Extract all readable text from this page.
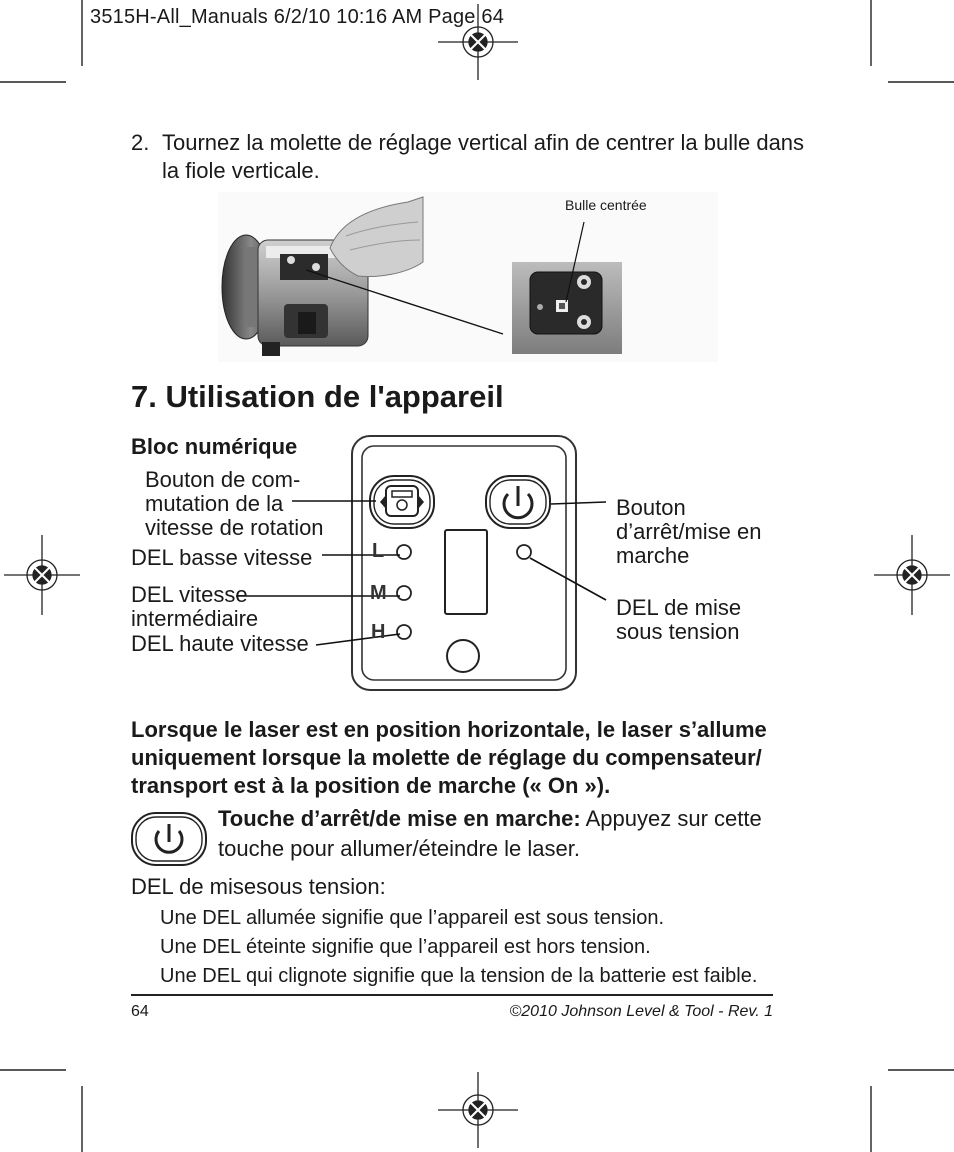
3515H-All_Manuals 6/2/10 10:16 AM Page 64
2. Tournez la molette de réglage vertical afin de centrer la bulle dans
la fiole verticale.
Bulle centrée
7. Utilisation de l'appareil
Bloc numérique
L
M
H
Bouton de com-
mutation de la
vitesse de rotation
DEL basse vitesse
DEL vitesse
intermédiaire
DEL haute vitesse
Bouton
d’arrêt/mise en
marche
DEL de mise
sous tension
Lorsque le laser est en position horizontale, le laser s’allume
uniquement lorsque la molette de réglage du compensateur/
transport est à la position de marche (« On »).
Touche d’arrêt/de mise en marche: Appuyez sur cette
touche pour allumer/éteindre le laser.
DEL de misesous tension:
Une DEL allumée signifie que l’appareil est sous tension.
Une DEL éteinte signifie que l’appareil est hors tension.
Une DEL qui clignote signifie que la tension de la batterie est faible.
64	©2010 Johnson Level & Tool - Rev. 1
